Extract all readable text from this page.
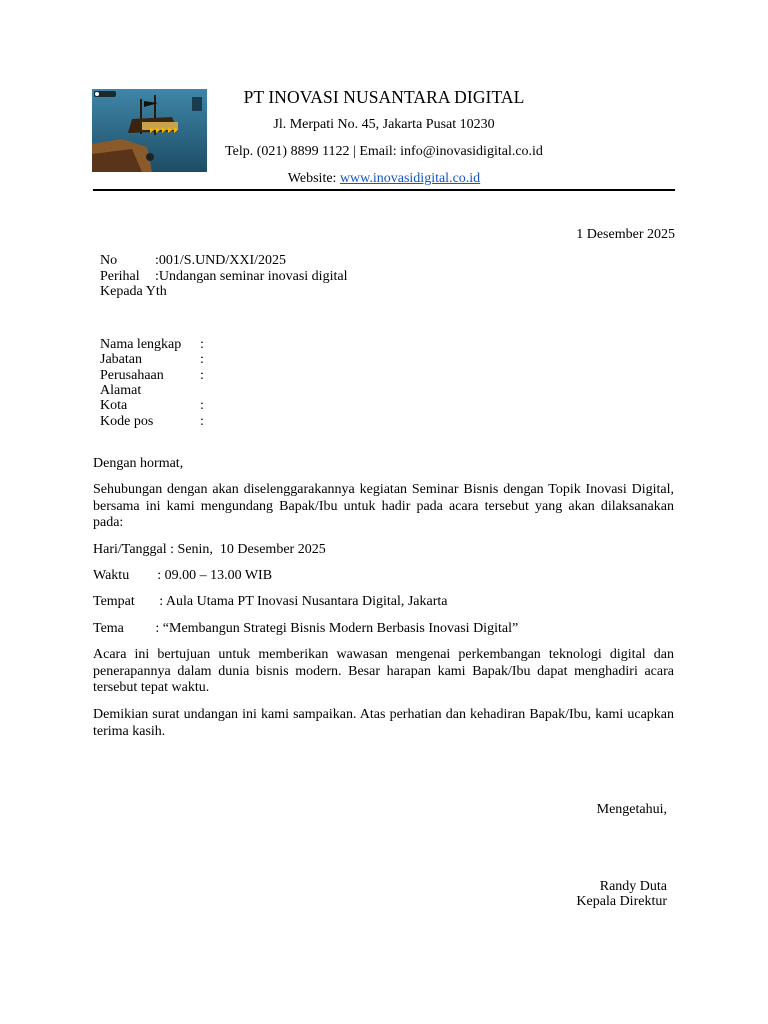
PT INOVASI NUSANTARA DIGITAL
Jl. Merpati No. 45, Jakarta Pusat 10230
Telp. (021) 8899 1122 | Email: info@inovasidigital.co.id
Website: www.inovasidigital.co.id
1 Desember 2025
No	:001/S.UND/XXI/2025
Perihal :Undangan seminar inovasi digital
Kepada Yth
Nama lengkap :
Jabatan	:
Perusahaan	:
Alamat
Kota	:
Kode pos	:
Dengan hormat,
Sehubungan dengan akan diselenggarakannya kegiatan Seminar Bisnis dengan Topik Inovasi Digital, bersama ini kami mengundang Bapak/Ibu untuk hadir pada acara tersebut yang akan dilaksanakan pada:
Hari/Tanggal : Senin,  10 Desember 2025
Waktu        : 09.00 – 13.00 WIB
Tempat       : Aula Utama PT Inovasi Nusantara Digital, Jakarta
Tema         : “Membangun Strategi Bisnis Modern Berbasis Inovasi Digital”
Acara ini bertujuan untuk memberikan wawasan mengenai perkembangan teknologi digital dan penerapannya dalam dunia bisnis modern. Besar harapan kami Bapak/Ibu dapat menghadiri acara tersebut tepat waktu.
Demikian surat undangan ini kami sampaikan. Atas perhatian dan kehadiran Bapak/Ibu, kami ucapkan terima kasih.
Mengetahui,
Randy Duta
Kepala Direktur
